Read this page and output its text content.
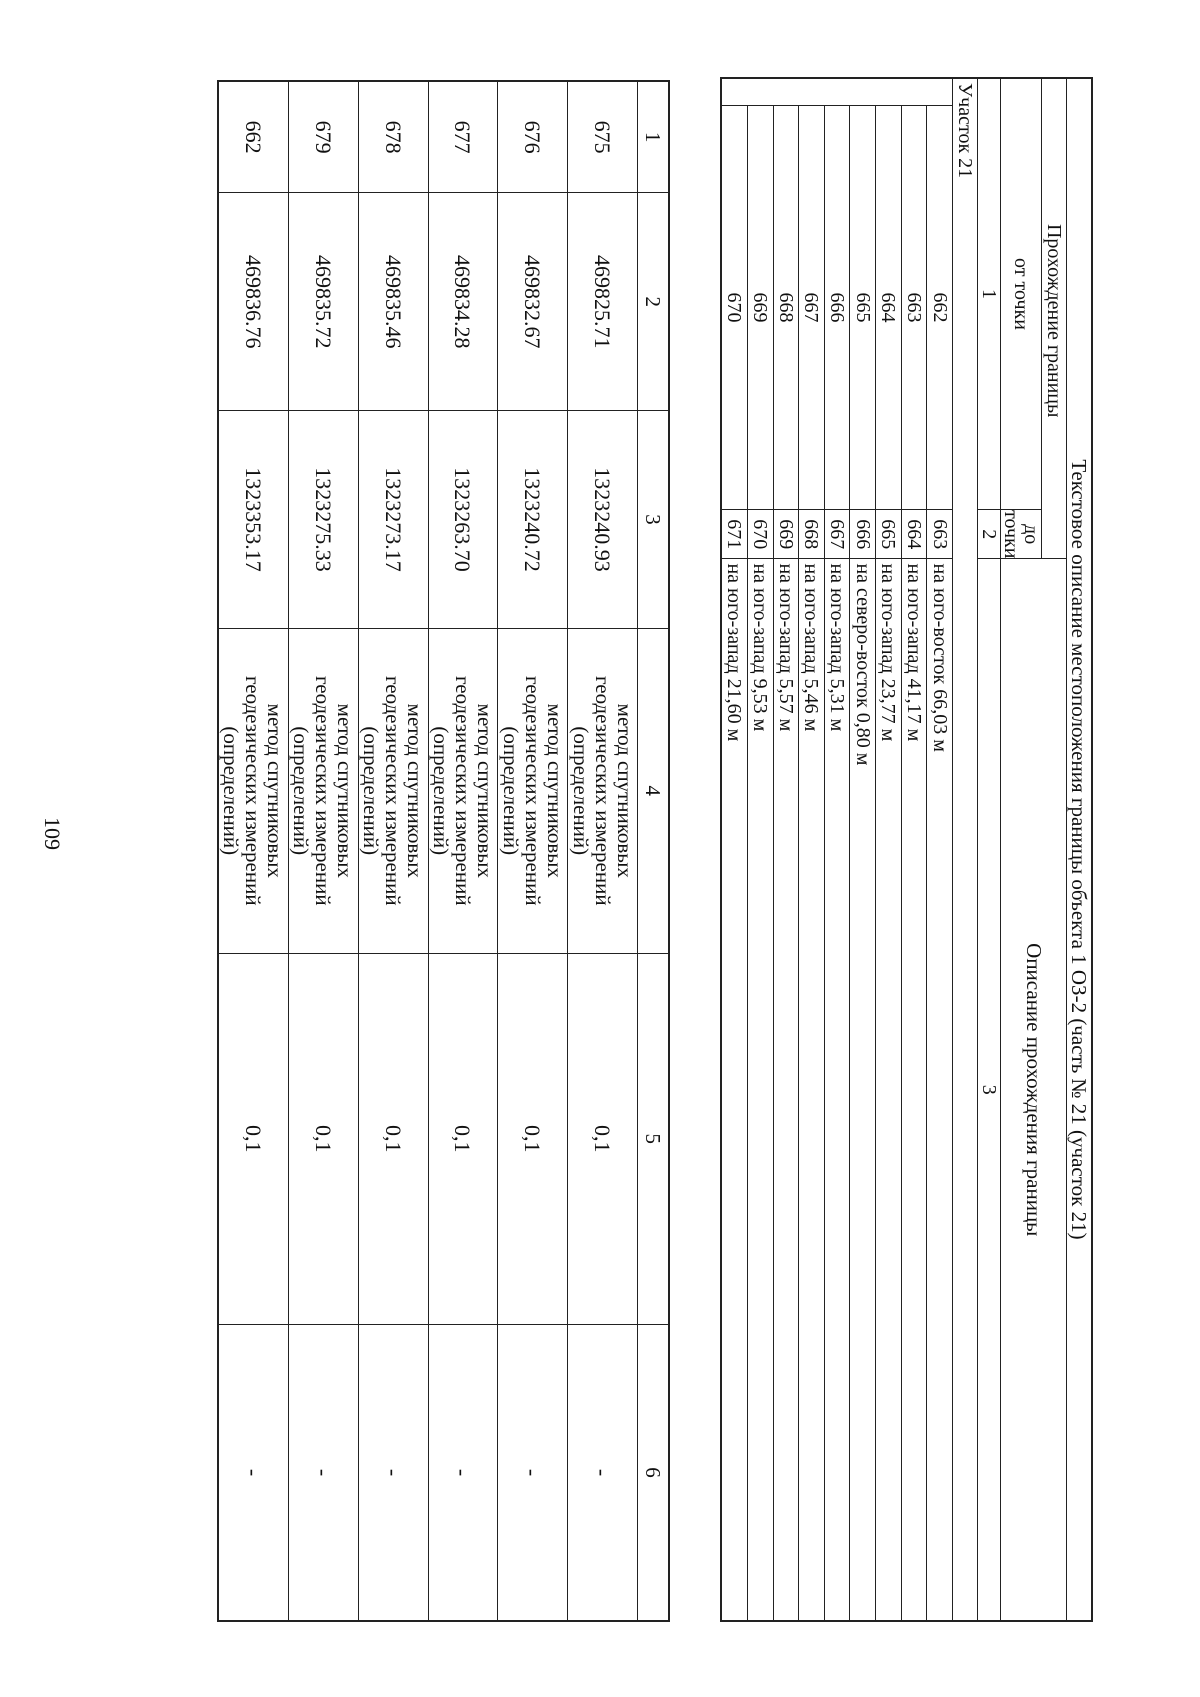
109
1	2	3	4	5	6
675	469825.71	1323240.93	метод спутниковых
геодезических измерений
(определений)	0,1	-
676	469832.67	1323240.72	метод спутниковых
геодезических измерений
(определений)	0,1	-
677	469834.28	1323263.70	метод спутниковых
геодезических измерений
(определений)	0,1	-
678	469835.46	1323273.17	метод спутниковых
геодезических измерений
(определений)	0,1	-
679	469835.72	1323275.33	метод спутниковых
геодезических измерений
(определений)	0,1	-
662	469836.76	1323353.17	метод спутниковых
геодезических измерений
(определений)	0,1	-
Текстовое описание местоположения границы объекта 1 ОЗ-2 (часть № 21 (участок 21)			
Прохождение границы			Описание прохождения границы
от точки		до точки	
1		2	3
Участок 21			
	662	663	на юго-восток 66,03 м
	663	664	на юго-запад 41,17 м
	664	665	на юго-запад 23,77 м
	665	666	на северо-восток 0,80 м
	666	667	на юго-запад 5,31 м
	667	668	на юго-запад 5,46 м
	668	669	на юго-запад 5,57 м
	669	670	на юго-запад 9,53 м
	670	671	на юго-запад 21,60 м
